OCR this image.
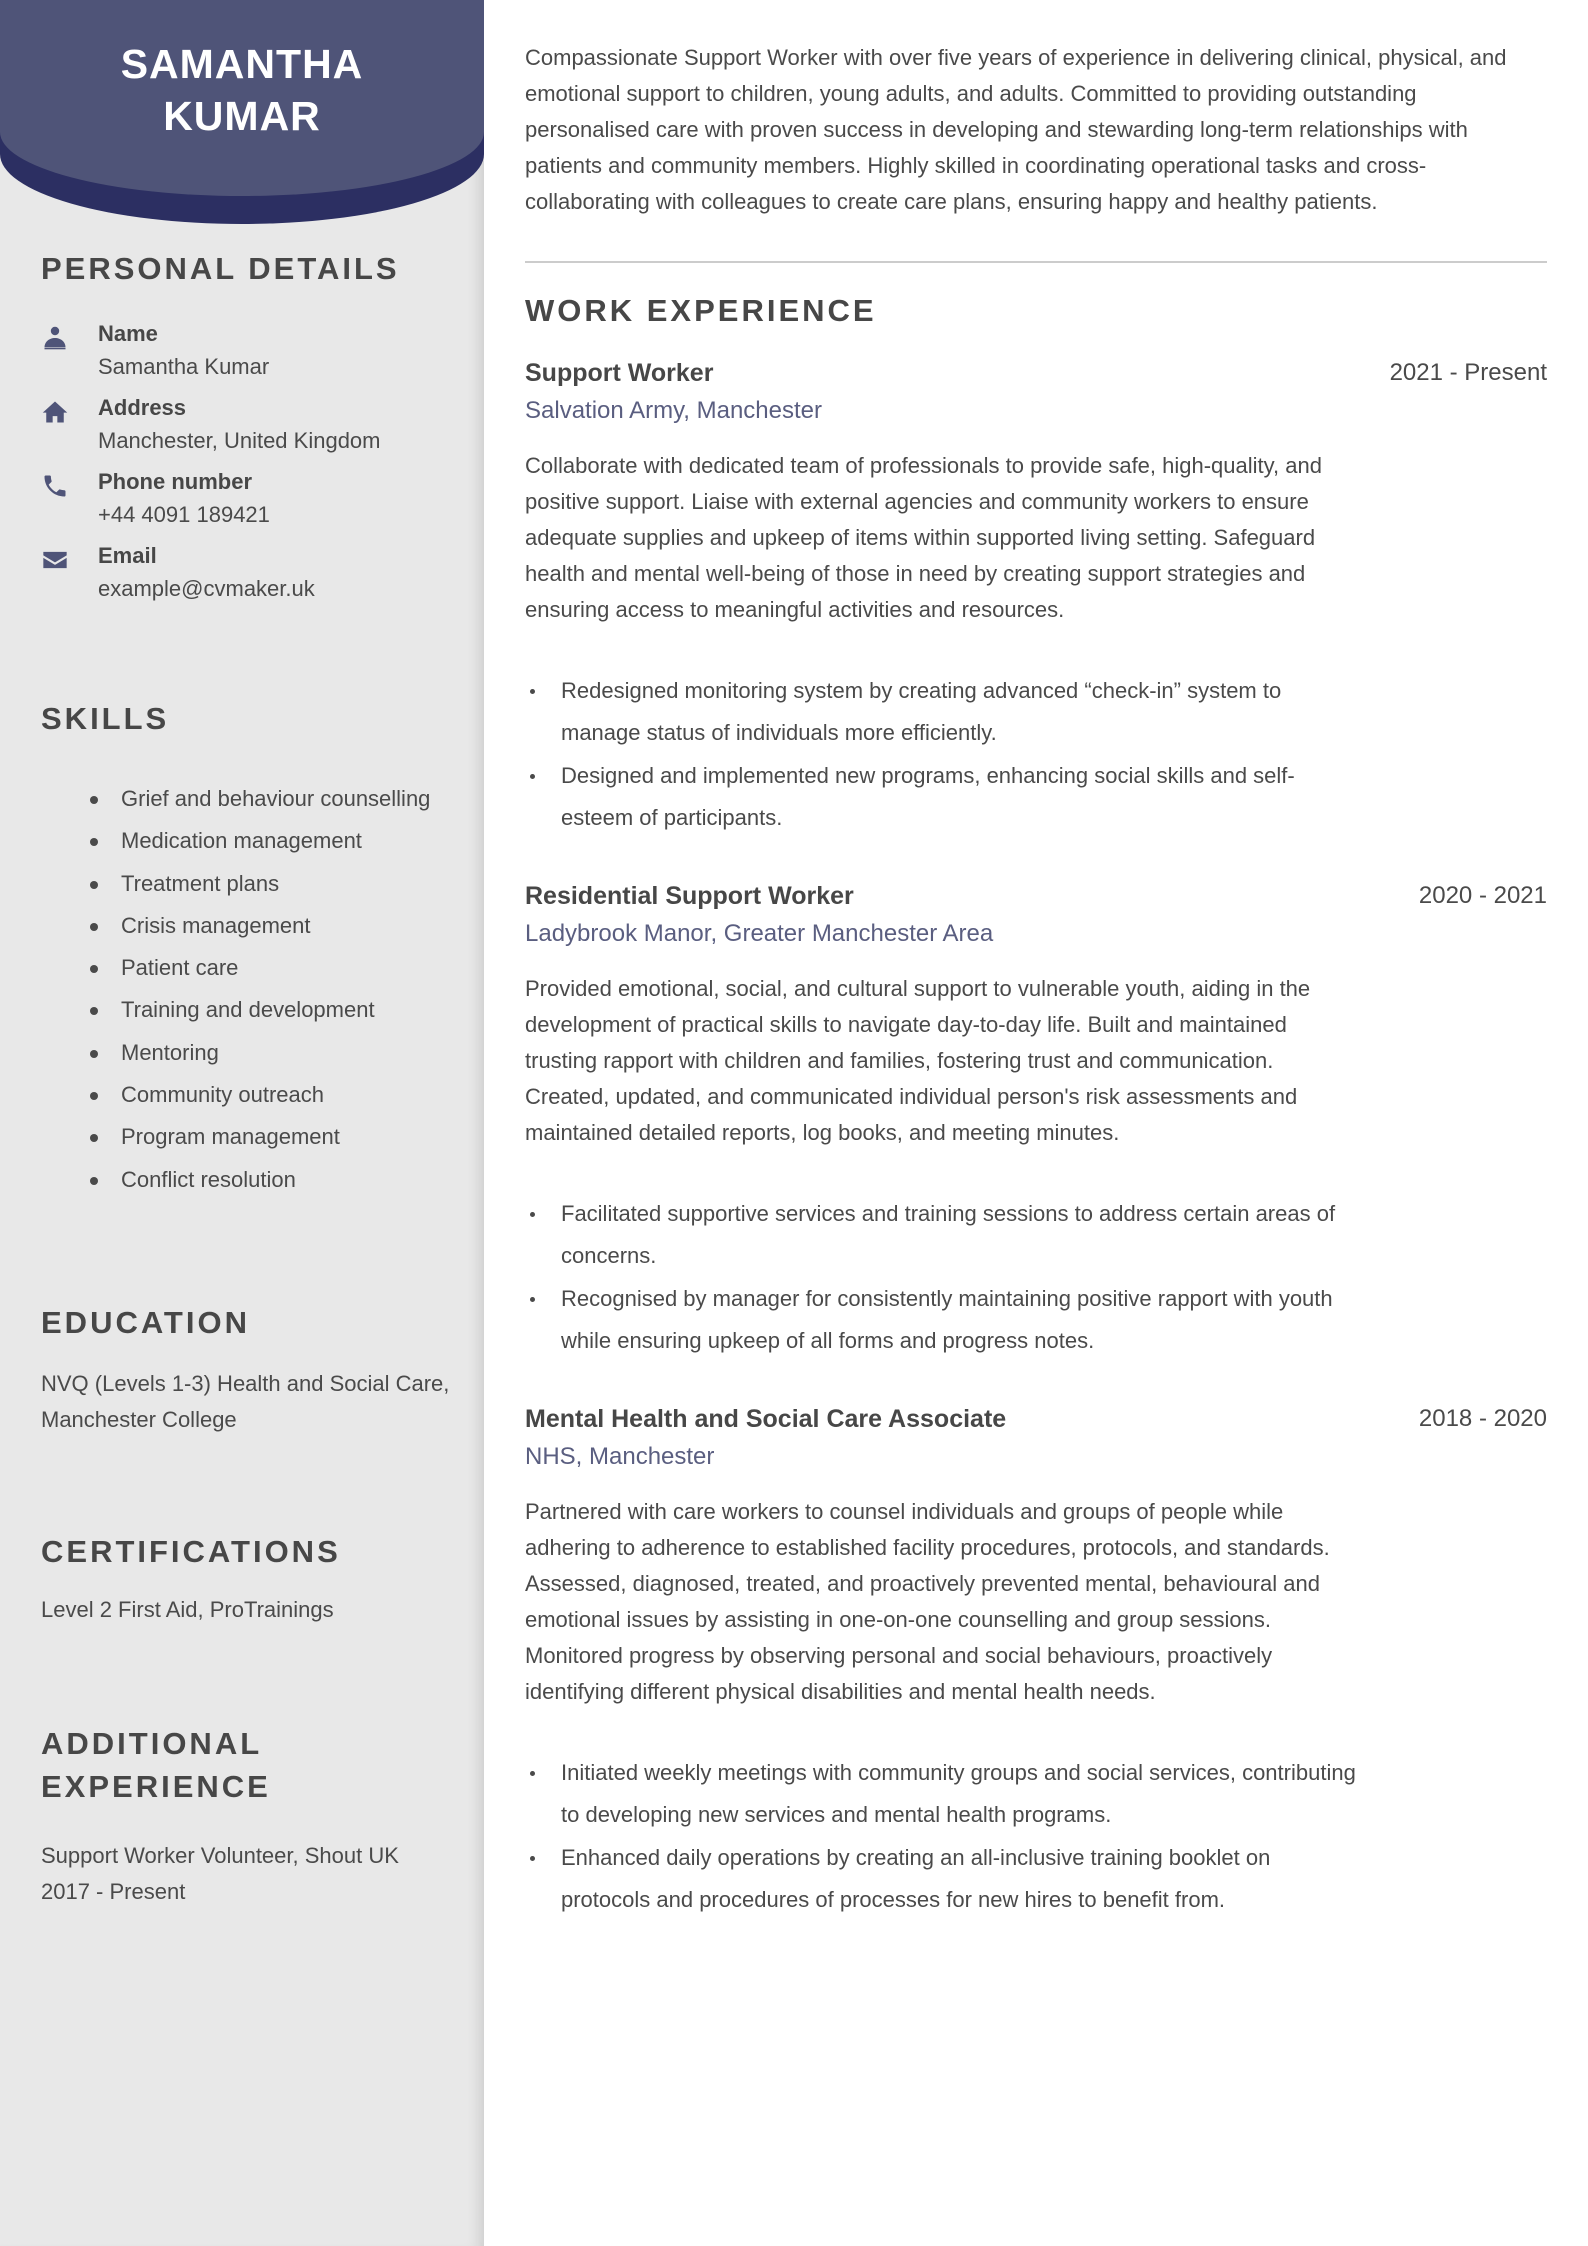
SAMANTHA
KUMAR
PERSONAL DETAILS
Name
Samantha Kumar
Address
Manchester, United Kingdom
Phone number
+44 4091 189421
Email
example@cvmaker.uk
SKILLS
Grief and behaviour counselling
Medication management
Treatment plans
Crisis management
Patient care
Training and development
Mentoring
Community outreach
Program management
Conflict resolution
EDUCATION

NVQ (Levels 1-3) Health and Social Care, Manchester College

CERTIFICATIONS

Level 2 First Aid, ProTrainings

ADDITIONAL
EXPERIENCE

Support Worker Volunteer, Shout UK
2017 - Present

Compassionate Support Worker with over five years of experience in delivering clinical, physical, and emotional support to children, young adults, and adults. Committed to providing outstanding personalised care with proven success in developing and stewarding long-term relationships with patients and community members. Highly skilled in coordinating operational tasks and cross-collaborating with colleagues to create care plans, ensuring happy and healthy patients.

WORK EXPERIENCE
Support Worker	2021 - Present
Salvation Army, Manchester

Collaborate with dedicated team of professionals to provide safe, high-quality, and positive support. Liaise with external agencies and community workers to ensure adequate supplies and upkeep of items within supported living setting. Safeguard health and mental well-being of those in need by creating support strategies and ensuring access to meaningful activities and resources.

Redesigned monitoring system by creating advanced “check-in” system to manage status of individuals more efficiently.
Designed and implemented new programs, enhancing social skills and self-esteem of participants.
Residential Support Worker	2020 - 2021
Ladybrook Manor, Greater Manchester Area

Provided emotional, social, and cultural support to vulnerable youth, aiding in the development of practical skills to navigate day-to-day life. Built and maintained trusting rapport with children and families, fostering trust and communication. Created, updated, and communicated individual person's risk assessments and maintained detailed reports, log books, and meeting minutes.

Facilitated supportive services and training sessions to address certain areas of concerns.
Recognised by manager for consistently maintaining positive rapport with youth while ensuring upkeep of all forms and progress notes.
Mental Health and Social Care Associate	2018 - 2020
NHS, Manchester

Partnered with care workers to counsel individuals and groups of people while adhering to adherence to established facility procedures, protocols, and standards. Assessed, diagnosed, treated, and proactively prevented mental, behavioural and emotional issues by assisting in one-on-one counselling and group sessions. Monitored progress by observing personal and social behaviours, proactively identifying different physical disabilities and mental health needs.

Initiated weekly meetings with community groups and social services, contributing to developing new services and mental health programs.
Enhanced daily operations by creating an all-inclusive training booklet on protocols and procedures of processes for new hires to benefit from.
